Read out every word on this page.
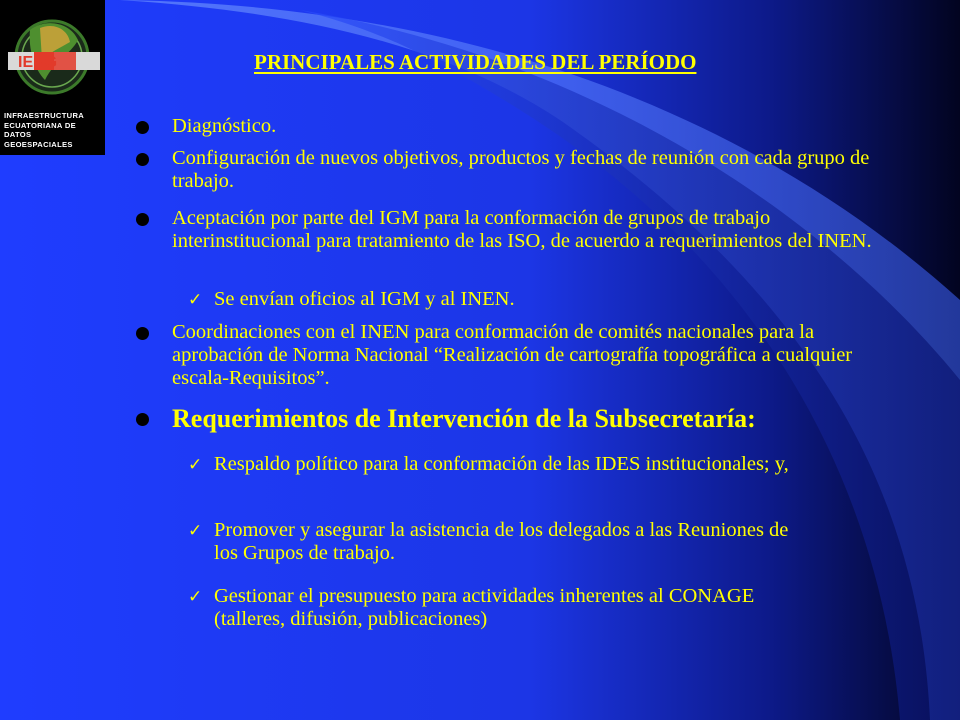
IEDG
INFRAESTRUCTURA
ECUATORIANA DE
DATOS GEOESPACIALES
PRINCIPALES ACTIVIDADES DEL PERÍODO
Diagnóstico.
Configuración de nuevos objetivos, productos y fechas de reunión con cada grupo de trabajo.
Aceptación por parte del IGM para la conformación de grupos de trabajo interinstitucional para tratamiento de las ISO, de acuerdo a requerimientos del INEN.
✓ Se envían oficios al IGM y al INEN.
Coordinaciones con el INEN para conformación de comités nacionales para la aprobación de Norma Nacional “Realización de cartografía topográfica a cualquier escala-Requisitos”.
Requerimientos de Intervención de la Subsecretaría:
✓ Respaldo político para la conformación de las IDES institucionales; y,
✓ Promover y asegurar la asistencia de los delegados a las Reuniones de los Grupos de trabajo.
✓ Gestionar el presupuesto para actividades inherentes al CONAGE (talleres, difusión, publicaciones)
